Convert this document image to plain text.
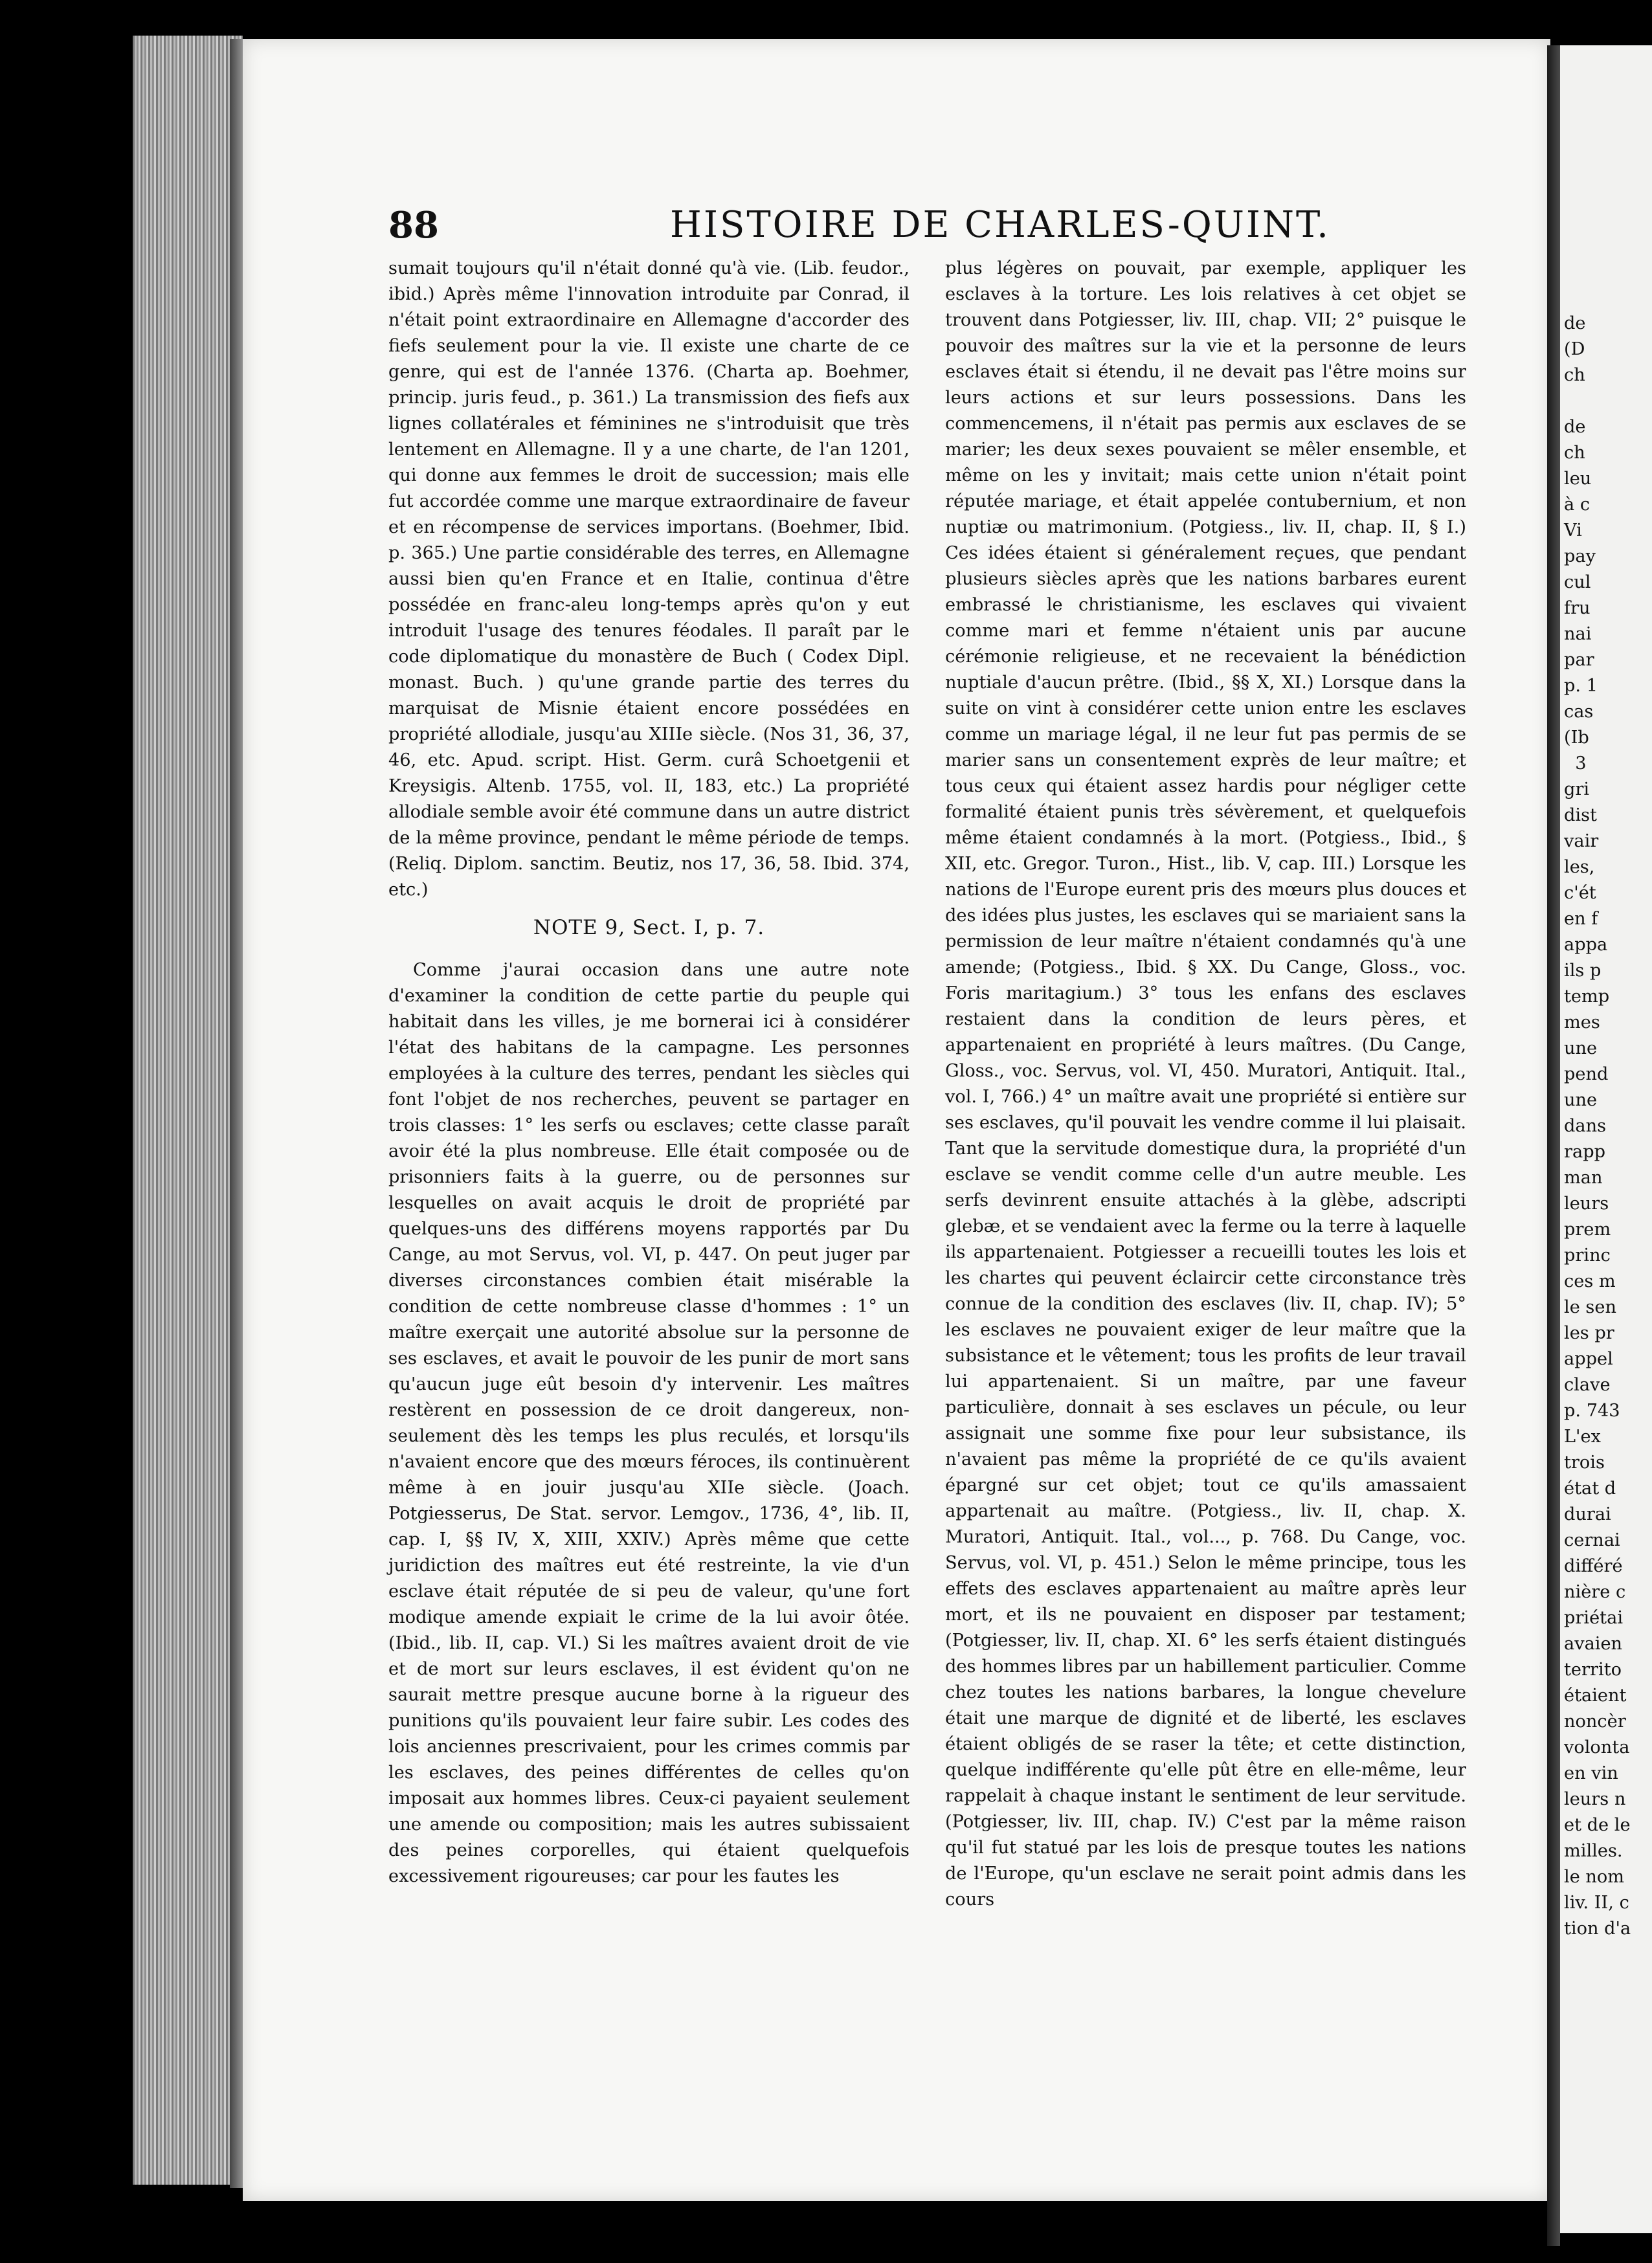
de
(D
ch

de
ch
leu
à c
Vi
pay
cul
fru
nai
par
p. 1
cas
(Ib
3
gri
dist
vair
les,
c'ét
en f
appa
ils p
temp
mes
une
pend
une
dans
rapp
man
leurs
prem
princ
ces m
le sen
les pr
appel
clave
p. 743
L'ex
trois
état d
durai
cernai
différé
nière c
priétai
avaien
territo
étaient
noncèr
volonta
en vin
leurs n
et de le
milles.
le nom
liv. II, c
tion d'a
88	HISTOIRE DE CHARLES-QUINT.

sumait toujours qu'il n'était donné qu'à vie. (Lib. feudor., ibid.) Après même l'innovation introduite par Conrad, il n'était point extraordinaire en Allemagne d'accorder des fiefs seulement pour la vie. Il existe une charte de ce genre, qui est de l'année 1376. (Charta ap. Boehmer, princip. juris feud., p. 361.) La transmission des fiefs aux lignes collatérales et féminines ne s'introduisit que très lentement en Allemagne. Il y a une charte, de l'an 1201, qui donne aux femmes le droit de succession; mais elle fut accordée comme une marque extraordinaire de faveur et en récompense de services importans. (Boehmer, Ibid. p. 365.) Une partie considérable des terres, en Allemagne aussi bien qu'en France et en Italie, continua d'être possédée en franc-aleu long-temps après qu'on y eut introduit l'usage des tenures féodales. Il paraît par le code diplomatique du monastère de Buch ( Codex Dipl. monast. Buch. ) qu'une grande partie des terres du marquisat de Misnie étaient encore possédées en propriété allodiale, jusqu'au XIIIe siècle. (Nos 31, 36, 37, 46, etc. Apud. script. Hist. Germ. curâ Schoetgenii et Kreysigis. Altenb. 1755, vol. II, 183, etc.) La propriété allodiale semble avoir été commune dans un autre district de la même province, pendant le même période de temps. (Reliq. Diplom. sanctim. Beutiz, nos 17, 36, 58. Ibid. 374, etc.)

NOTE 9, Sect. I, p. 7.

Comme j'aurai occasion dans une autre note d'examiner la condition de cette partie du peuple qui habitait dans les villes, je me bornerai ici à considérer l'état des habitans de la campagne. Les personnes employées à la culture des terres, pendant les siècles qui font l'objet de nos recherches, peuvent se partager en trois classes: 1° les serfs ou esclaves; cette classe paraît avoir été la plus nombreuse. Elle était composée ou de prisonniers faits à la guerre, ou de personnes sur lesquelles on avait acquis le droit de propriété par quelques-uns des différens moyens rapportés par Du Cange, au mot Servus, vol. VI, p. 447. On peut juger par diverses circonstances combien était misérable la condition de cette nombreuse classe d'hommes : 1° un maître exerçait une autorité absolue sur la personne de ses esclaves, et avait le pouvoir de les punir de mort sans qu'aucun juge eût besoin d'y intervenir. Les maîtres restèrent en possession de ce droit dangereux, non-seulement dès les temps les plus reculés, et lorsqu'ils n'avaient encore que des mœurs féroces, ils continuèrent même à en jouir jusqu'au XIIe siècle. (Joach. Potgiesserus, De Stat. servor. Lemgov., 1736, 4°, lib. II, cap. I, §§ IV, X, XIII, XXIV.) Après même que cette juridiction des maîtres eut été restreinte, la vie d'un esclave était réputée de si peu de valeur, qu'une fort modique amende expiait le crime de la lui avoir ôtée. (Ibid., lib. II, cap. VI.) Si les maîtres avaient droit de vie et de mort sur leurs esclaves, il est évident qu'on ne saurait mettre presque aucune borne à la rigueur des punitions qu'ils pouvaient leur faire subir. Les codes des lois anciennes prescrivaient, pour les crimes commis par les esclaves, des peines différentes de celles qu'on imposait aux hommes libres. Ceux-ci payaient seulement une amende ou composition; mais les autres subissaient des peines corporelles, qui étaient quelquefois excessivement rigoureuses; car pour les fautes les

plus légères on pouvait, par exemple, appliquer les esclaves à la torture. Les lois relatives à cet objet se trouvent dans Potgiesser, liv. III, chap. VII; 2° puisque le pouvoir des maîtres sur la vie et la personne de leurs esclaves était si étendu, il ne devait pas l'être moins sur leurs actions et sur leurs possessions. Dans les commencemens, il n'était pas permis aux esclaves de se marier; les deux sexes pouvaient se mêler ensemble, et même on les y invitait; mais cette union n'était point réputée mariage, et était appelée contubernium, et non nuptiæ ou matrimonium. (Potgiess., liv. II, chap. II, § I.) Ces idées étaient si généralement reçues, que pendant plusieurs siècles après que les nations barbares eurent embrassé le christianisme, les esclaves qui vivaient comme mari et femme n'étaient unis par aucune cérémonie religieuse, et ne recevaient la bénédiction nuptiale d'aucun prêtre. (Ibid., §§ X, XI.) Lorsque dans la suite on vint à considérer cette union entre les esclaves comme un mariage légal, il ne leur fut pas permis de se marier sans un consentement exprès de leur maître; et tous ceux qui étaient assez hardis pour négliger cette formalité étaient punis très sévèrement, et quelquefois même étaient condamnés à la mort. (Potgiess., Ibid., § XII, etc. Gregor. Turon., Hist., lib. V, cap. III.) Lorsque les nations de l'Europe eurent pris des mœurs plus douces et des idées plus justes, les esclaves qui se mariaient sans la permission de leur maître n'étaient condamnés qu'à une amende; (Potgiess., Ibid. § XX. Du Cange, Gloss., voc. Foris maritagium.) 3° tous les enfans des esclaves restaient dans la condition de leurs pères, et appartenaient en propriété à leurs maîtres. (Du Cange, Gloss., voc. Servus, vol. VI, 450. Muratori, Antiquit. Ital., vol. I, 766.) 4° un maître avait une propriété si entière sur ses esclaves, qu'il pouvait les vendre comme il lui plaisait. Tant que la servitude domestique dura, la propriété d'un esclave se vendit comme celle d'un autre meuble. Les serfs devinrent ensuite attachés à la glèbe, adscripti glebæ, et se vendaient avec la ferme ou la terre à laquelle ils appartenaient. Potgiesser a recueilli toutes les lois et les chartes qui peuvent éclaircir cette circonstance très connue de la condition des esclaves (liv. II, chap. IV); 5° les esclaves ne pouvaient exiger de leur maître que la subsistance et le vêtement; tous les profits de leur travail lui appartenaient. Si un maître, par une faveur particulière, donnait à ses esclaves un pécule, ou leur assignait une somme fixe pour leur subsistance, ils n'avaient pas même la propriété de ce qu'ils avaient épargné sur cet objet; tout ce qu'ils amassaient appartenait au maître. (Potgiess., liv. II, chap. X. Muratori, Antiquit. Ital., vol..., p. 768. Du Cange, voc. Servus, vol. VI, p. 451.) Selon le même principe, tous les effets des esclaves appartenaient au maître après leur mort, et ils ne pouvaient en disposer par testament; (Potgiesser, liv. II, chap. XI. 6° les serfs étaient distingués des hommes libres par un habillement particulier. Comme chez toutes les nations barbares, la longue chevelure était une marque de dignité et de liberté, les esclaves étaient obligés de se raser la tête; et cette distinction, quelque indifférente qu'elle pût être en elle-même, leur rappelait à chaque instant le sentiment de leur servitude. (Potgiesser, liv. III, chap. IV.) C'est par la même raison qu'il fut statué par les lois de presque toutes les nations de l'Europe, qu'un esclave ne serait point admis dans les cours
